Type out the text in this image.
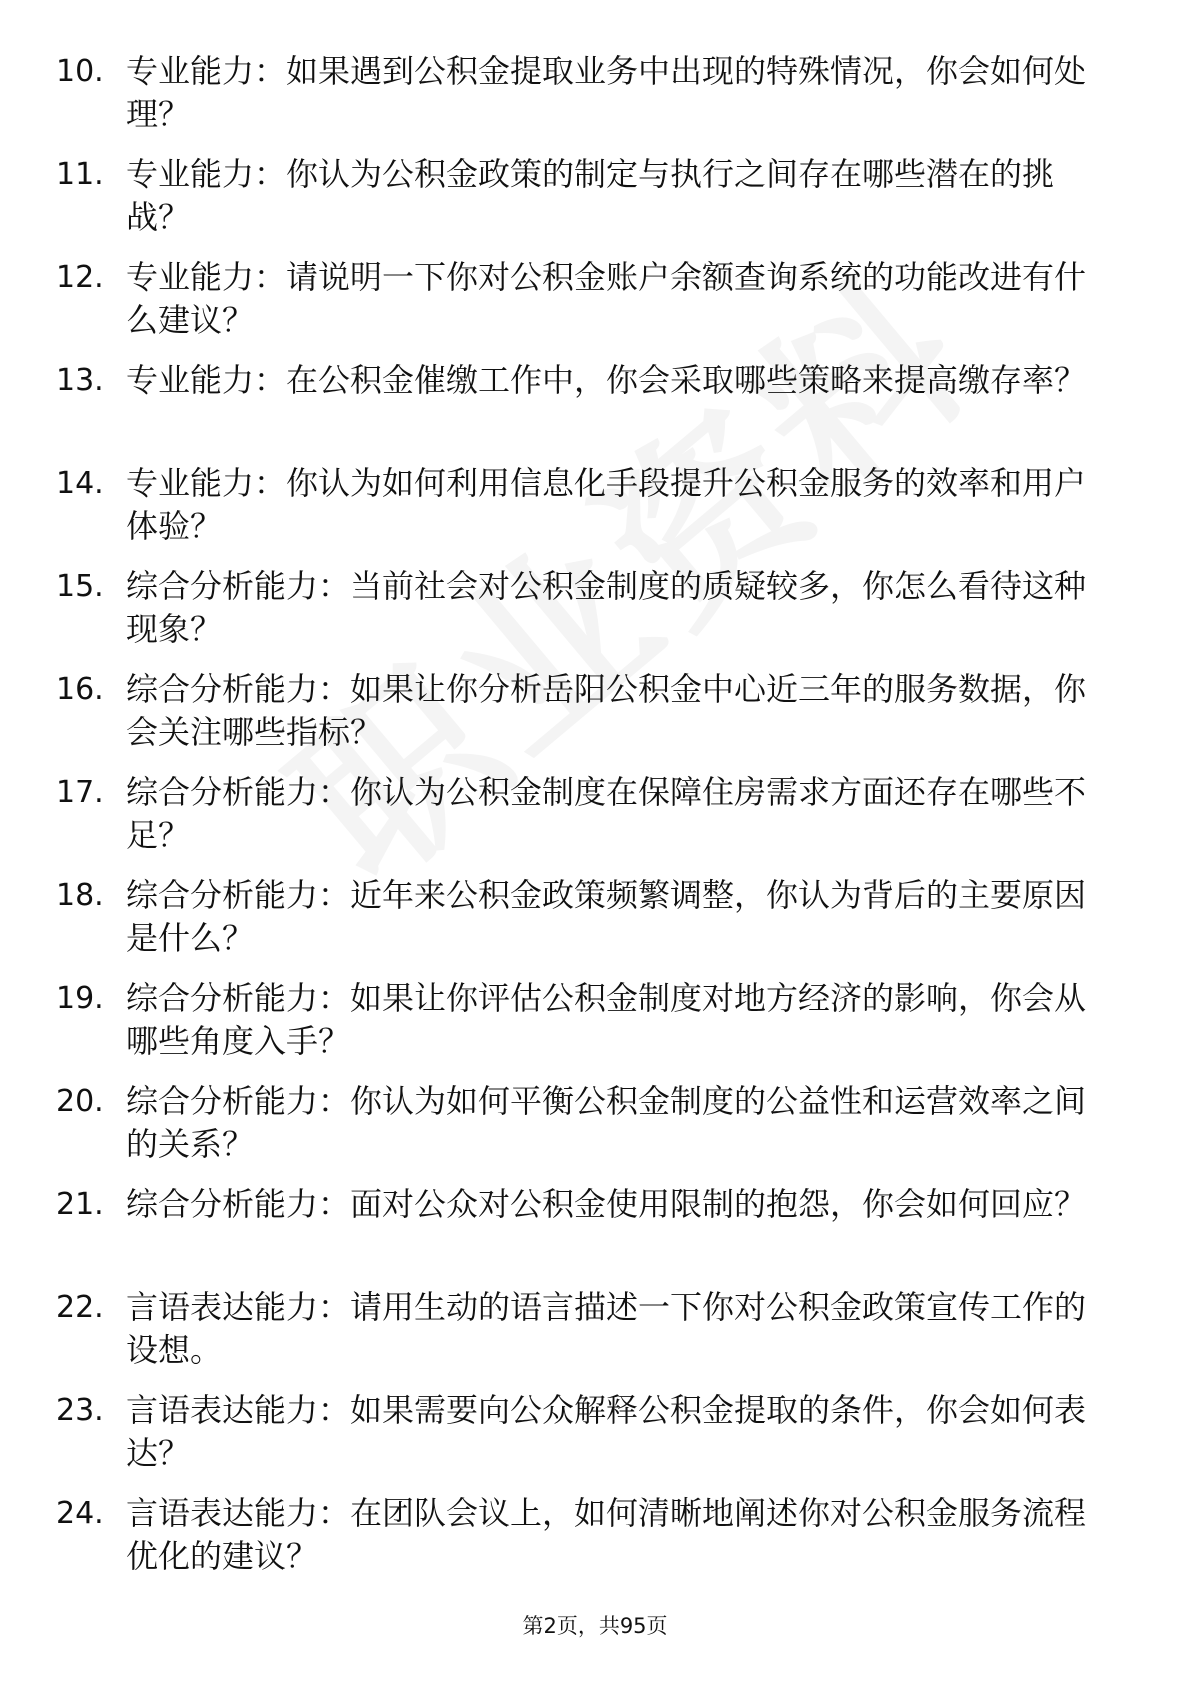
10. 专业能力：如果遇到公积金提取业务中出现的特殊情况，你会如何处理？
11. 专业能力：你认为公积金政策的制定与执行之间存在哪些潜在的挑战？
12. 专业能力：请说明一下你对公积金账户余额查询系统的功能改进有什么建议？
13. 专业能力：在公积金催缴工作中，你会采取哪些策略来提高缴存率？
14. 专业能力：你认为如何利用信息化手段提升公积金服务的效率和用户体验？
15. 综合分析能力：当前社会对公积金制度的质疑较多，你怎么看待这种现象？
16. 综合分析能力：如果让你分析岳阳公积金中心近三年的服务数据，你会关注哪些指标？
17. 综合分析能力：你认为公积金制度在保障住房需求方面还存在哪些不足？
18. 综合分析能力：近年来公积金政策频繁调整，你认为背后的主要原因是什么？
19. 综合分析能力：如果让你评估公积金制度对地方经济的影响，你会从哪些角度入手？
20. 综合分析能力：你认为如何平衡公积金制度的公益性和运营效率之间的关系？
21. 综合分析能力：面对公众对公积金使用限制的抱怨，你会如何回应？
22. 言语表达能力：请用生动的语言描述一下你对公积金政策宣传工作的设想。
23. 言语表达能力：如果需要向公众解释公积金提取的条件，你会如何表达？
24. 言语表达能力：在团队会议上，如何清晰地阐述你对公积金服务流程优化的建议？
第2页，共95页
